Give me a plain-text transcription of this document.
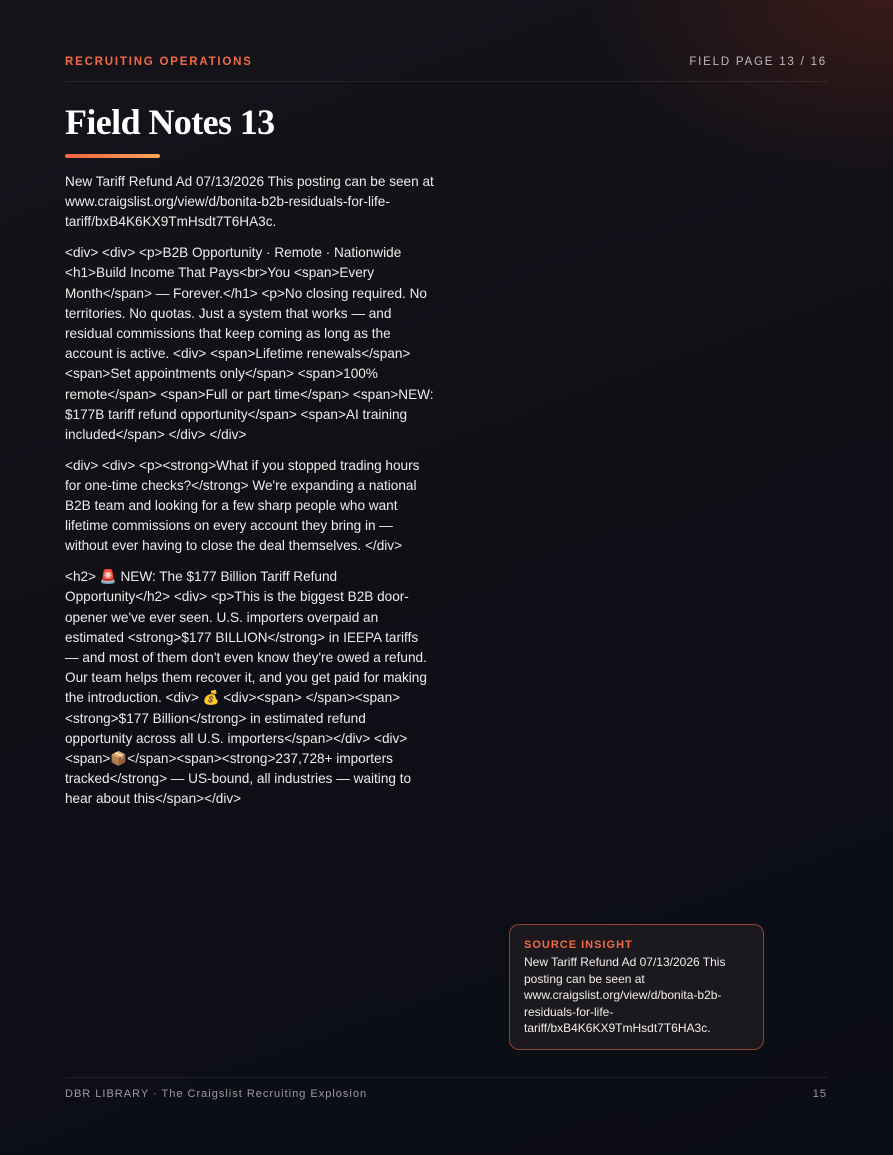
RECRUITING OPERATIONS	FIELD PAGE 13 / 16
Field Notes 13

New Tariff Refund Ad 07/13/2026 This posting can be seen at www.craigslist.org/view/d/bonita-b2b-residuals-for-life-tariff/bxB4K6KX9TmHsdt7T6HA3c.

<div> <div> <p>B2B Opportunity · Remote · Nationwide <h1>Build Income That Pays<br>You <span>Every Month</span> — Forever.</h1> <p>No closing required. No territories. No quotas. Just a system that works — and residual commissions that keep coming as long as the account is active. <div> <span>Lifetime renewals</span> <span>Set appointments only</span> <span>100% remote</span> <span>Full or part time</span> <span>NEW: $177B tariff refund opportunity</span> <span>AI training included</span> </div> </div>

<div> <div> <p><strong>What if you stopped trading hours for one-time checks?</strong> We're expanding a national B2B team and looking for a few sharp people who want lifetime commissions on every account they bring in — without ever having to close the deal themselves. </div>

<h2> 🚨 NEW: The $177 Billion Tariff Refund Opportunity</h2> <div> <p>This is the biggest B2B door-opener we've ever seen. U.S. importers overpaid an estimated <strong>$177 BILLION</strong> in IEEPA tariffs — and most of them don't even know they're owed a refund. Our team helps them recover it, and you get paid for making the introduction. <div> 💰 <div><span> </span><span><strong>$177 Billion</strong> in estimated refund opportunity across all U.S. importers</span></div> <div><span>📦</span><span><strong>237,728+ importers tracked</strong> — US-bound, all industries — waiting to hear about this</span></div>

SOURCE INSIGHT
New Tariff Refund Ad 07/13/2026 This posting can be seen at www.craigslist.org/view/d/bonita-b2b-residuals-for-life-tariff/bxB4K6KX9TmHsdt7T6HA3c.
DBR LIBRARY · The Craigslist Recruiting Explosion	15
